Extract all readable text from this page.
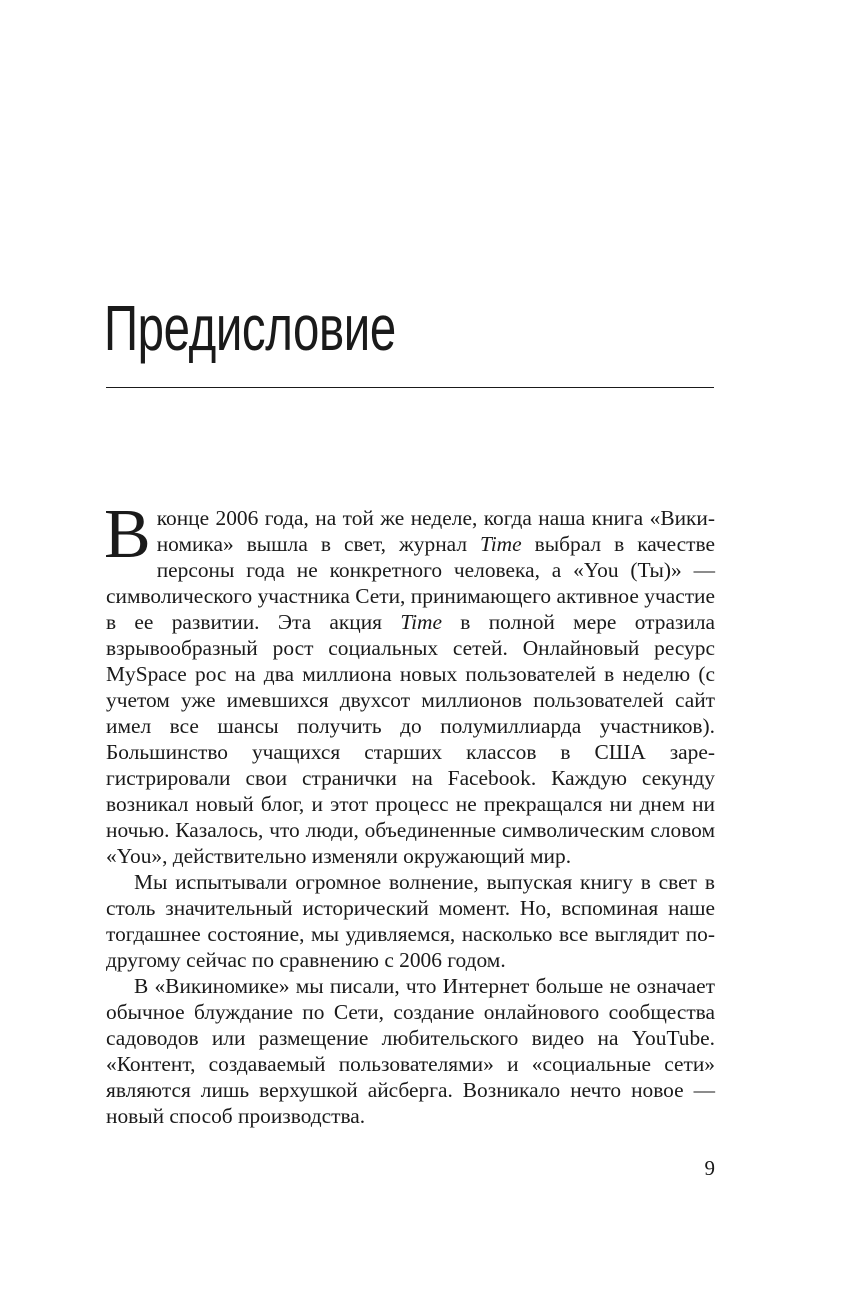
Предисловие

В конце 2006 года, на той же неделе, когда наша книга «Викиномика» вышла в свет, журнал Time выбрал в качестве персоны года не конкретного человека, а «You (Ты)» — символического участника Сети, принимающего активное участие в ее развитии. Эта акция Time в полной мере отразила взрывообразный рост социальных сетей. Онлайновый ресурс MySpace рос на два миллиона новых пользователей в неделю (с учетом уже имевшихся двухсот миллионов пользователей сайт имел все шансы получить до полумиллиарда участников). Большинство учащихся старших классов в США зарегистрировали свои странички на Facebook. Каждую секунду возникал новый блог, и этот процесс не прекращался ни днем ни ночью. Казалось, что люди, объединенные символическим словом «You», действительно изменяли окружающий мир.

Мы испытывали огромное волнение, выпуская книгу в свет в столь значительный исторический момент. Но, вспоминая наше тогдашнее состояние, мы удивляемся, насколько все выглядит по-другому сейчас по сравнению с 2006 годом.

В «Викиномике» мы писали, что Интернет больше не означает обычное блуждание по Сети, создание онлайнового сообщества садоводов или размещение любительского видео на YouTube. «Контент, создаваемый пользователями» и «социальные сети» являются лишь верхушкой айсберга. Возникало нечто новое — новый способ производства.

9
